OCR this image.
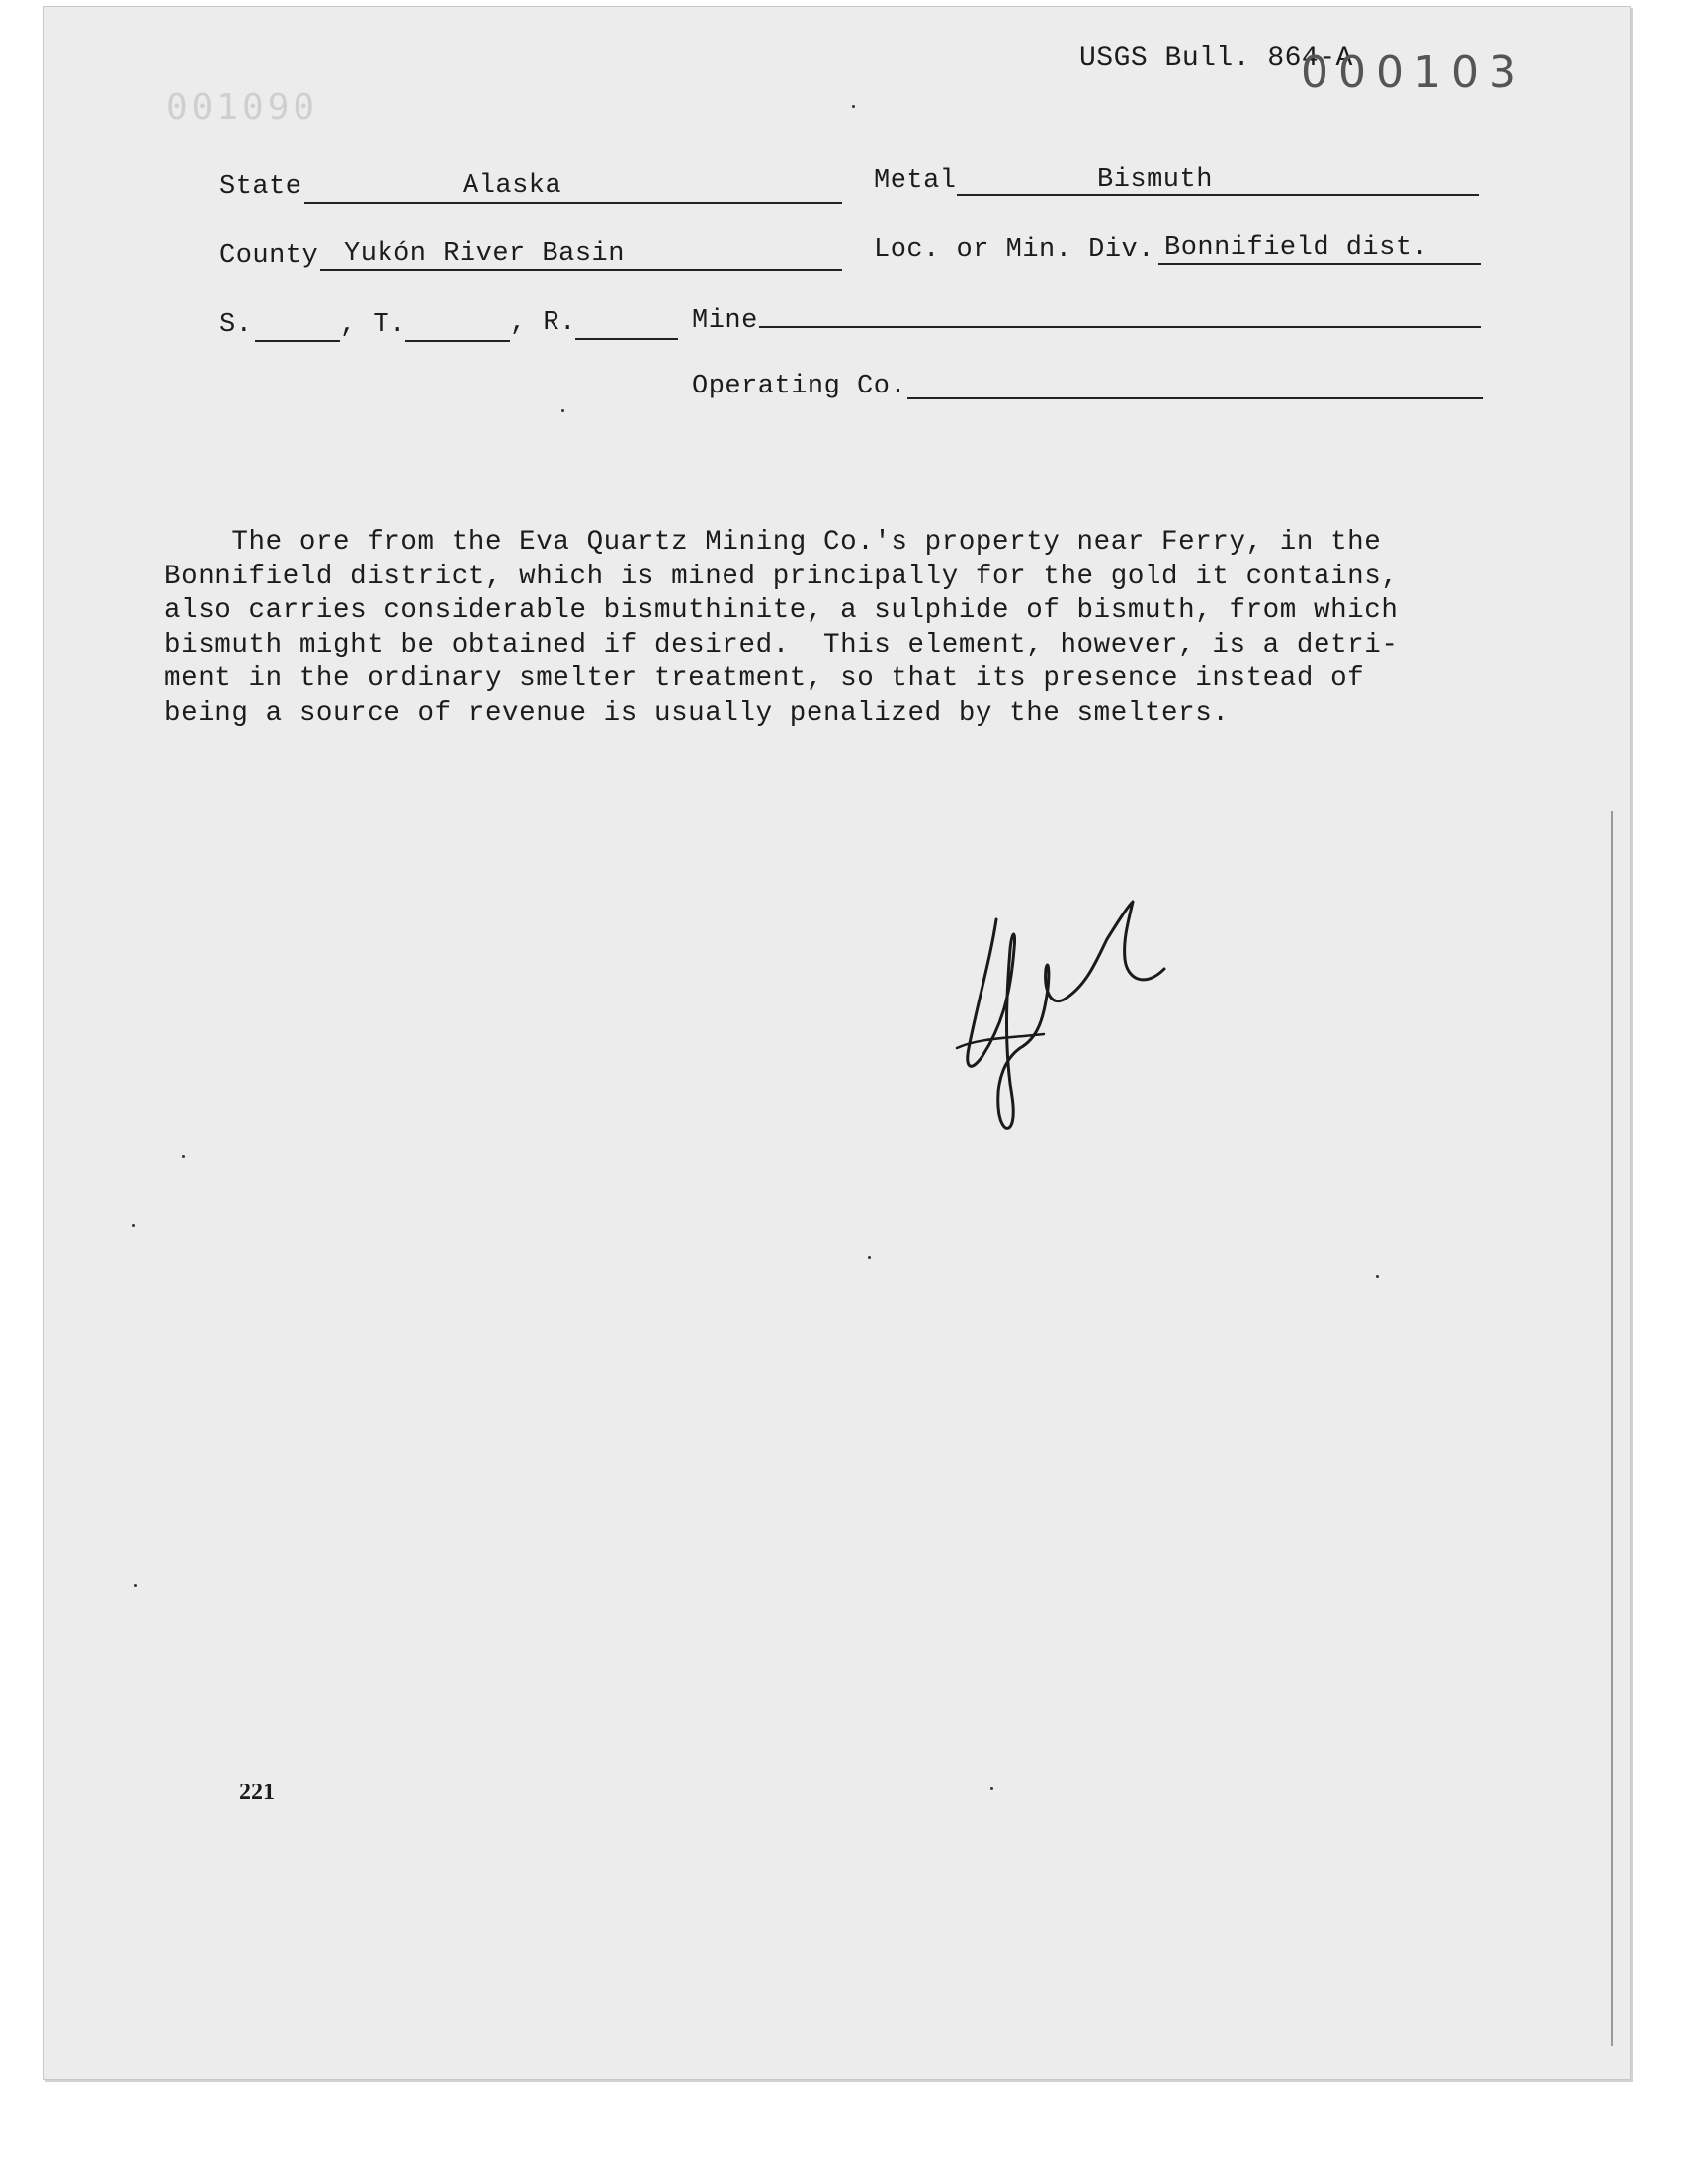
001090
USGS Bull. 864-A
000103
State	Alaska	Metal	Bismuth
County Yukón River Basin	Loc. or Min. Div. Bonnifield dist.
S.	, T.	, R.	Mine
Operating Co.

The ore from the Eva Quartz Mining Co.'s property near Ferry, in the

Bonnifield district, which is mined principally for the gold it contains,

also carries considerable bismuthinite, a sulphide of bismuth, from which

bismuth might be obtained if desired.  This element, however, is a detri-

ment in the ordinary smelter treatment, so that its presence instead of

being a source of revenue is usually penalized by the smelters.

221
